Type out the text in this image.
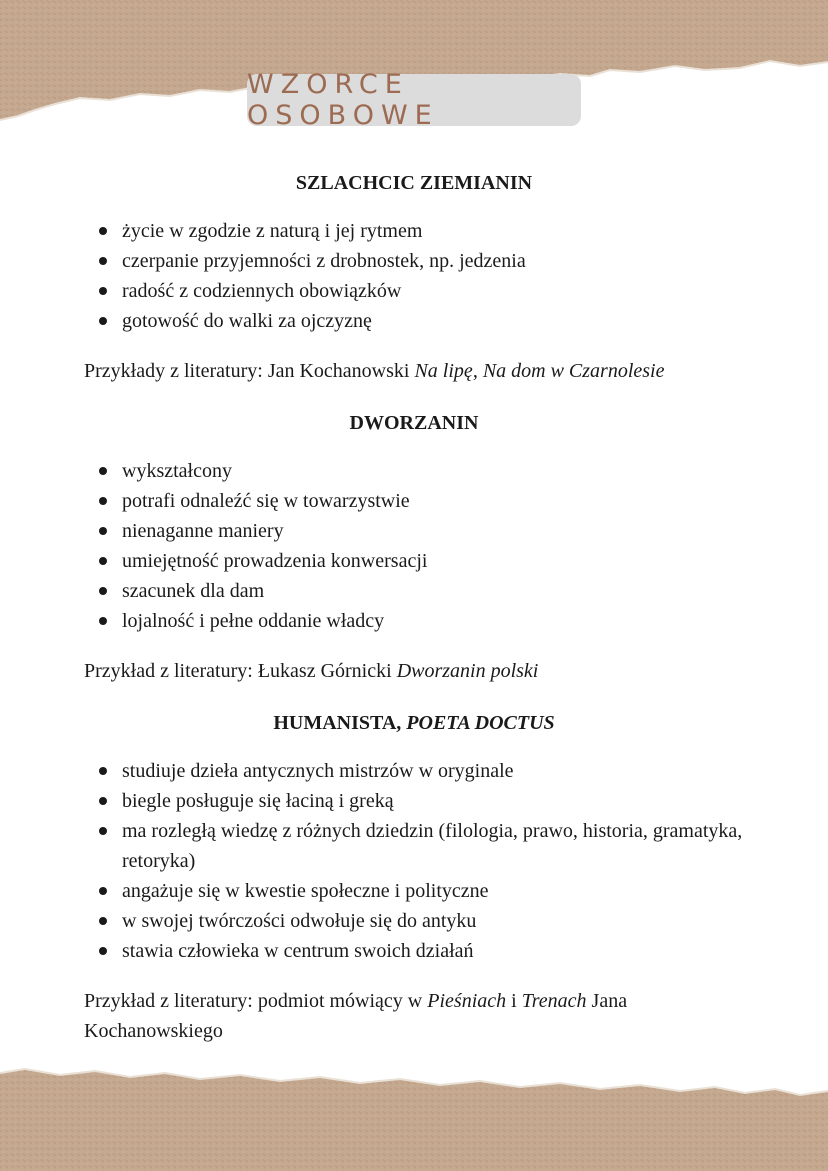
WZORCE OSOBOWE
SZLACHCIC ZIEMIANIN
życie w zgodzie z naturą i jej rytmem
czerpanie przyjemności z drobnostek, np. jedzenia
radość z codziennych obowiązków
gotowość do walki za ojczyznę

Przykłady z literatury: Jan Kochanowski Na lipę, Na dom w Czarnolesie

DWORZANIN
wykształcony
potrafi odnaleźć się w towarzystwie
nienaganne maniery
umiejętność prowadzenia konwersacji
szacunek dla dam
lojalność i pełne oddanie władcy

Przykład z literatury: Łukasz Górnicki Dworzanin polski

HUMANISTA, POETA DOCTUS
studiuje dzieła antycznych mistrzów w oryginale
biegle posługuje się łaciną i greką
ma rozległą wiedzę z różnych dziedzin (filologia, prawo, historia, gramatyka, retoryka)
angażuje się w kwestie społeczne i polityczne
w swojej twórczości odwołuje się do antyku
stawia człowieka w centrum swoich działań

Przykład z literatury: podmiot mówiący w Pieśniach i Trenach Jana Kochanowskiego
